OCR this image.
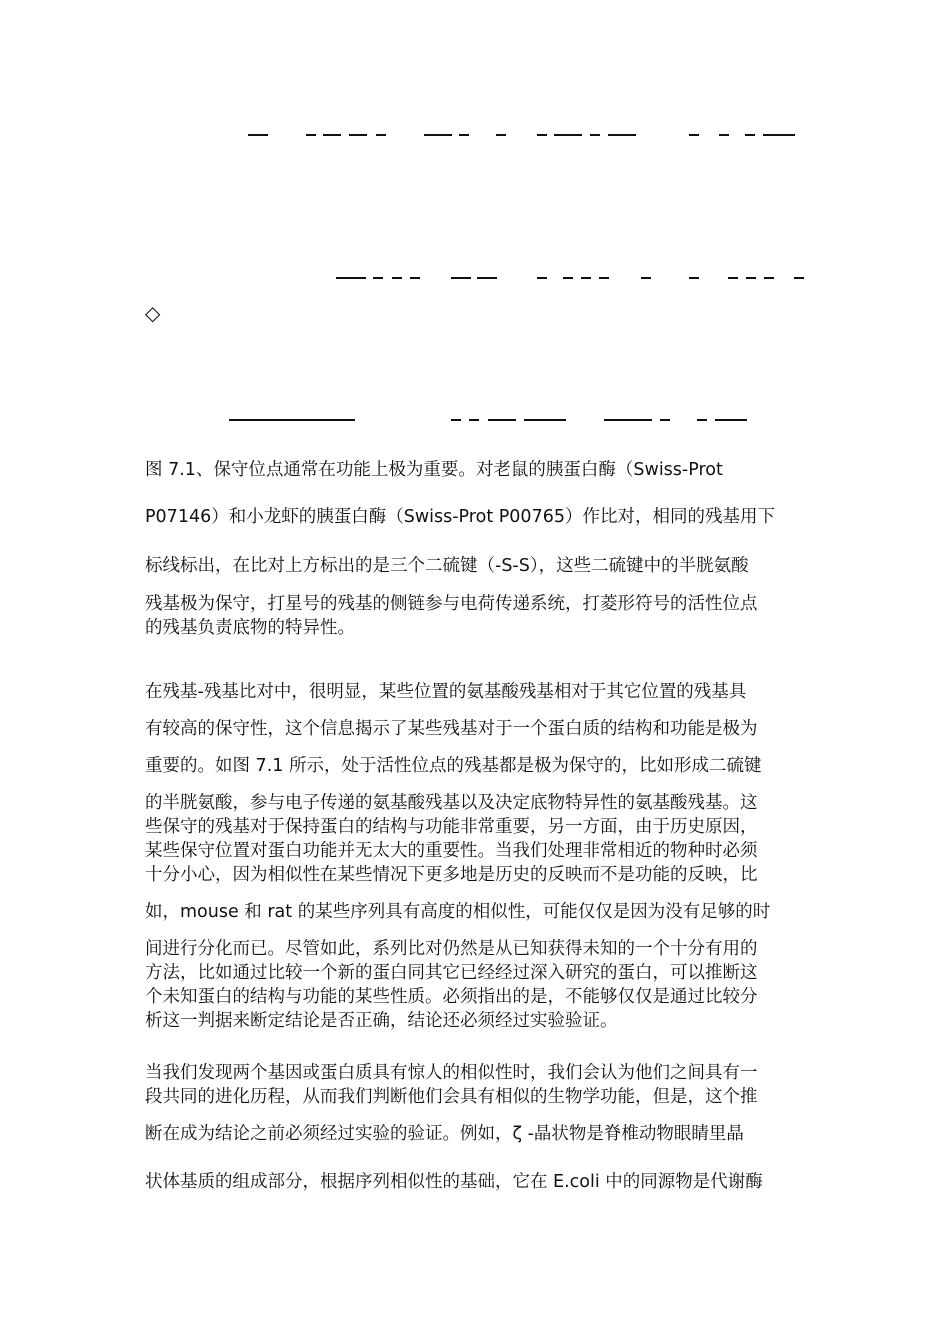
◇
图 7.1、保守位点通常在功能上极为重要。对老鼠的胰蛋白酶（Swiss-Prot
P07146）和小龙虾的胰蛋白酶（Swiss-Prot P00765）作比对，相同的残基用下
标线标出，在比对上方标出的是三个二硫键（-S-S），这些二硫键中的半胱氨酸
残基极为保守，打星号的残基的侧链参与电荷传递系统，打菱形符号的活性位点
的残基负责底物的特异性。
在残基-残基比对中，很明显，某些位置的氨基酸残基相对于其它位置的残基具
有较高的保守性，这个信息揭示了某些残基对于一个蛋白质的结构和功能是极为
重要的。如图 7.1 所示，处于活性位点的残基都是极为保守的，比如形成二硫键
的半胱氨酸，参与电子传递的氨基酸残基以及决定底物特异性的氨基酸残基。这
些保守的残基对于保持蛋白的结构与功能非常重要，另一方面，由于历史原因，
某些保守位置对蛋白功能并无太大的重要性。当我们处理非常相近的物种时必须
十分小心，因为相似性在某些情况下更多地是历史的反映而不是功能的反映，比
如，mouse 和 rat 的某些序列具有高度的相似性，可能仅仅是因为没有足够的时
间进行分化而已。尽管如此，系列比对仍然是从已知获得未知的一个十分有用的
方法，比如通过比较一个新的蛋白同其它已经经过深入研究的蛋白，可以推断这
个未知蛋白的结构与功能的某些性质。必须指出的是，不能够仅仅是通过比较分
析这一判据来断定结论是否正确，结论还必须经过实验验证。
当我们发现两个基因或蛋白质具有惊人的相似性时，我们会认为他们之间具有一
段共同的进化历程，从而我们判断他们会具有相似的生物学功能，但是，这个推
断在成为结论之前必须经过实验的验证。例如，ζ -晶状物是脊椎动物眼睛里晶
状体基质的组成部分，根据序列相似性的基础，它在 E.coli 中的同源物是代谢酶
